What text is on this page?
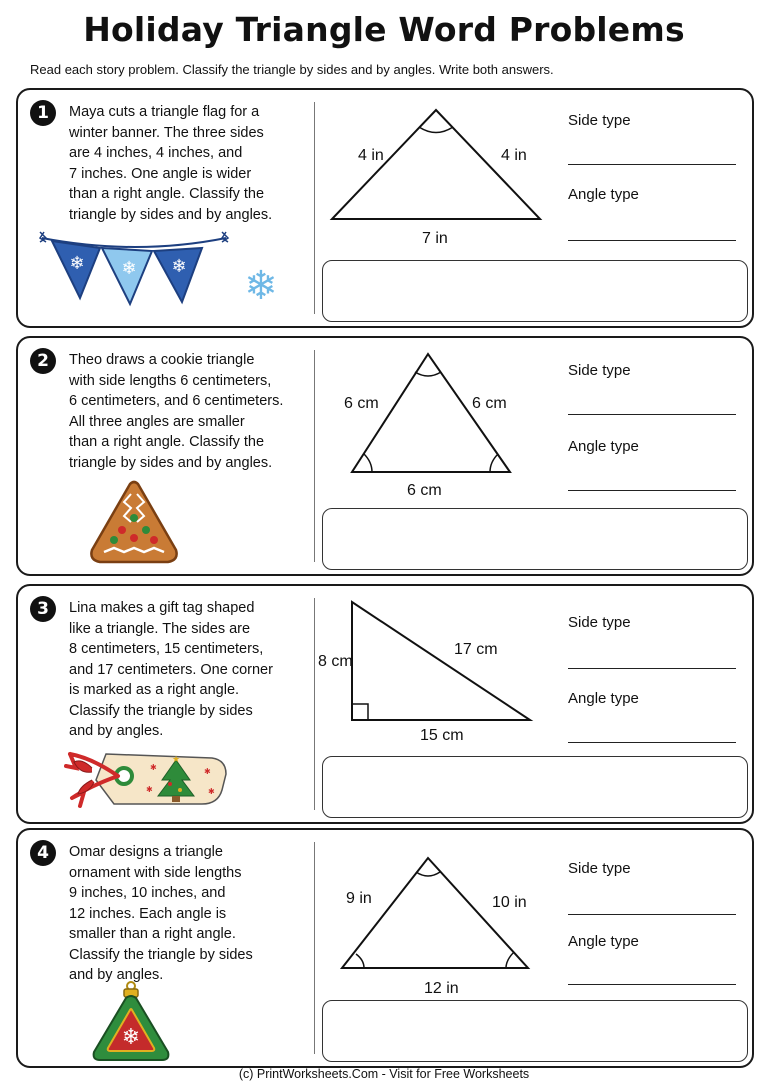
Holiday Triangle Word Problems
Read each story problem. Classify the triangle by sides and by angles. Write both answers.
1	Maya cuts a triangle flag for a
winter banner. The three sides
are 4 inches, 4 inches, and
7 inches. One angle is wider
than a right angle. Classify the
triangle by sides and by angles.
❄ ❄ ❄ ❄
4 in	4 in
7 in
Side type
Angle type
2	Theo draws a cookie triangle
with side lengths 6 centimeters,
6 centimeters, and 6 centimeters.
All three angles are smaller
than a right angle. Classify the
triangle by sides and by angles.
6 cm	6 cm
6 cm
Side type
Angle type
3	Lina makes a gift tag shaped
like a triangle. The sides are
8 centimeters, 15 centimeters,
and 17 centimeters. One corner
is marked as a right angle.
Classify the triangle by sides
and by angles.
★
✱	✱
✱	✱
8 cm
17 cm
15 cm
Side type
Angle type
4	Omar designs a triangle
ornament with side lengths
9 inches, 10 inches, and
12 inches. Each angle is
smaller than a right angle.
Classify the triangle by sides
and by angles.
❄
9 in	10 in
12 in
Side type
Angle type
(c) PrintWorksheets.Com - Visit for Free Worksheets
